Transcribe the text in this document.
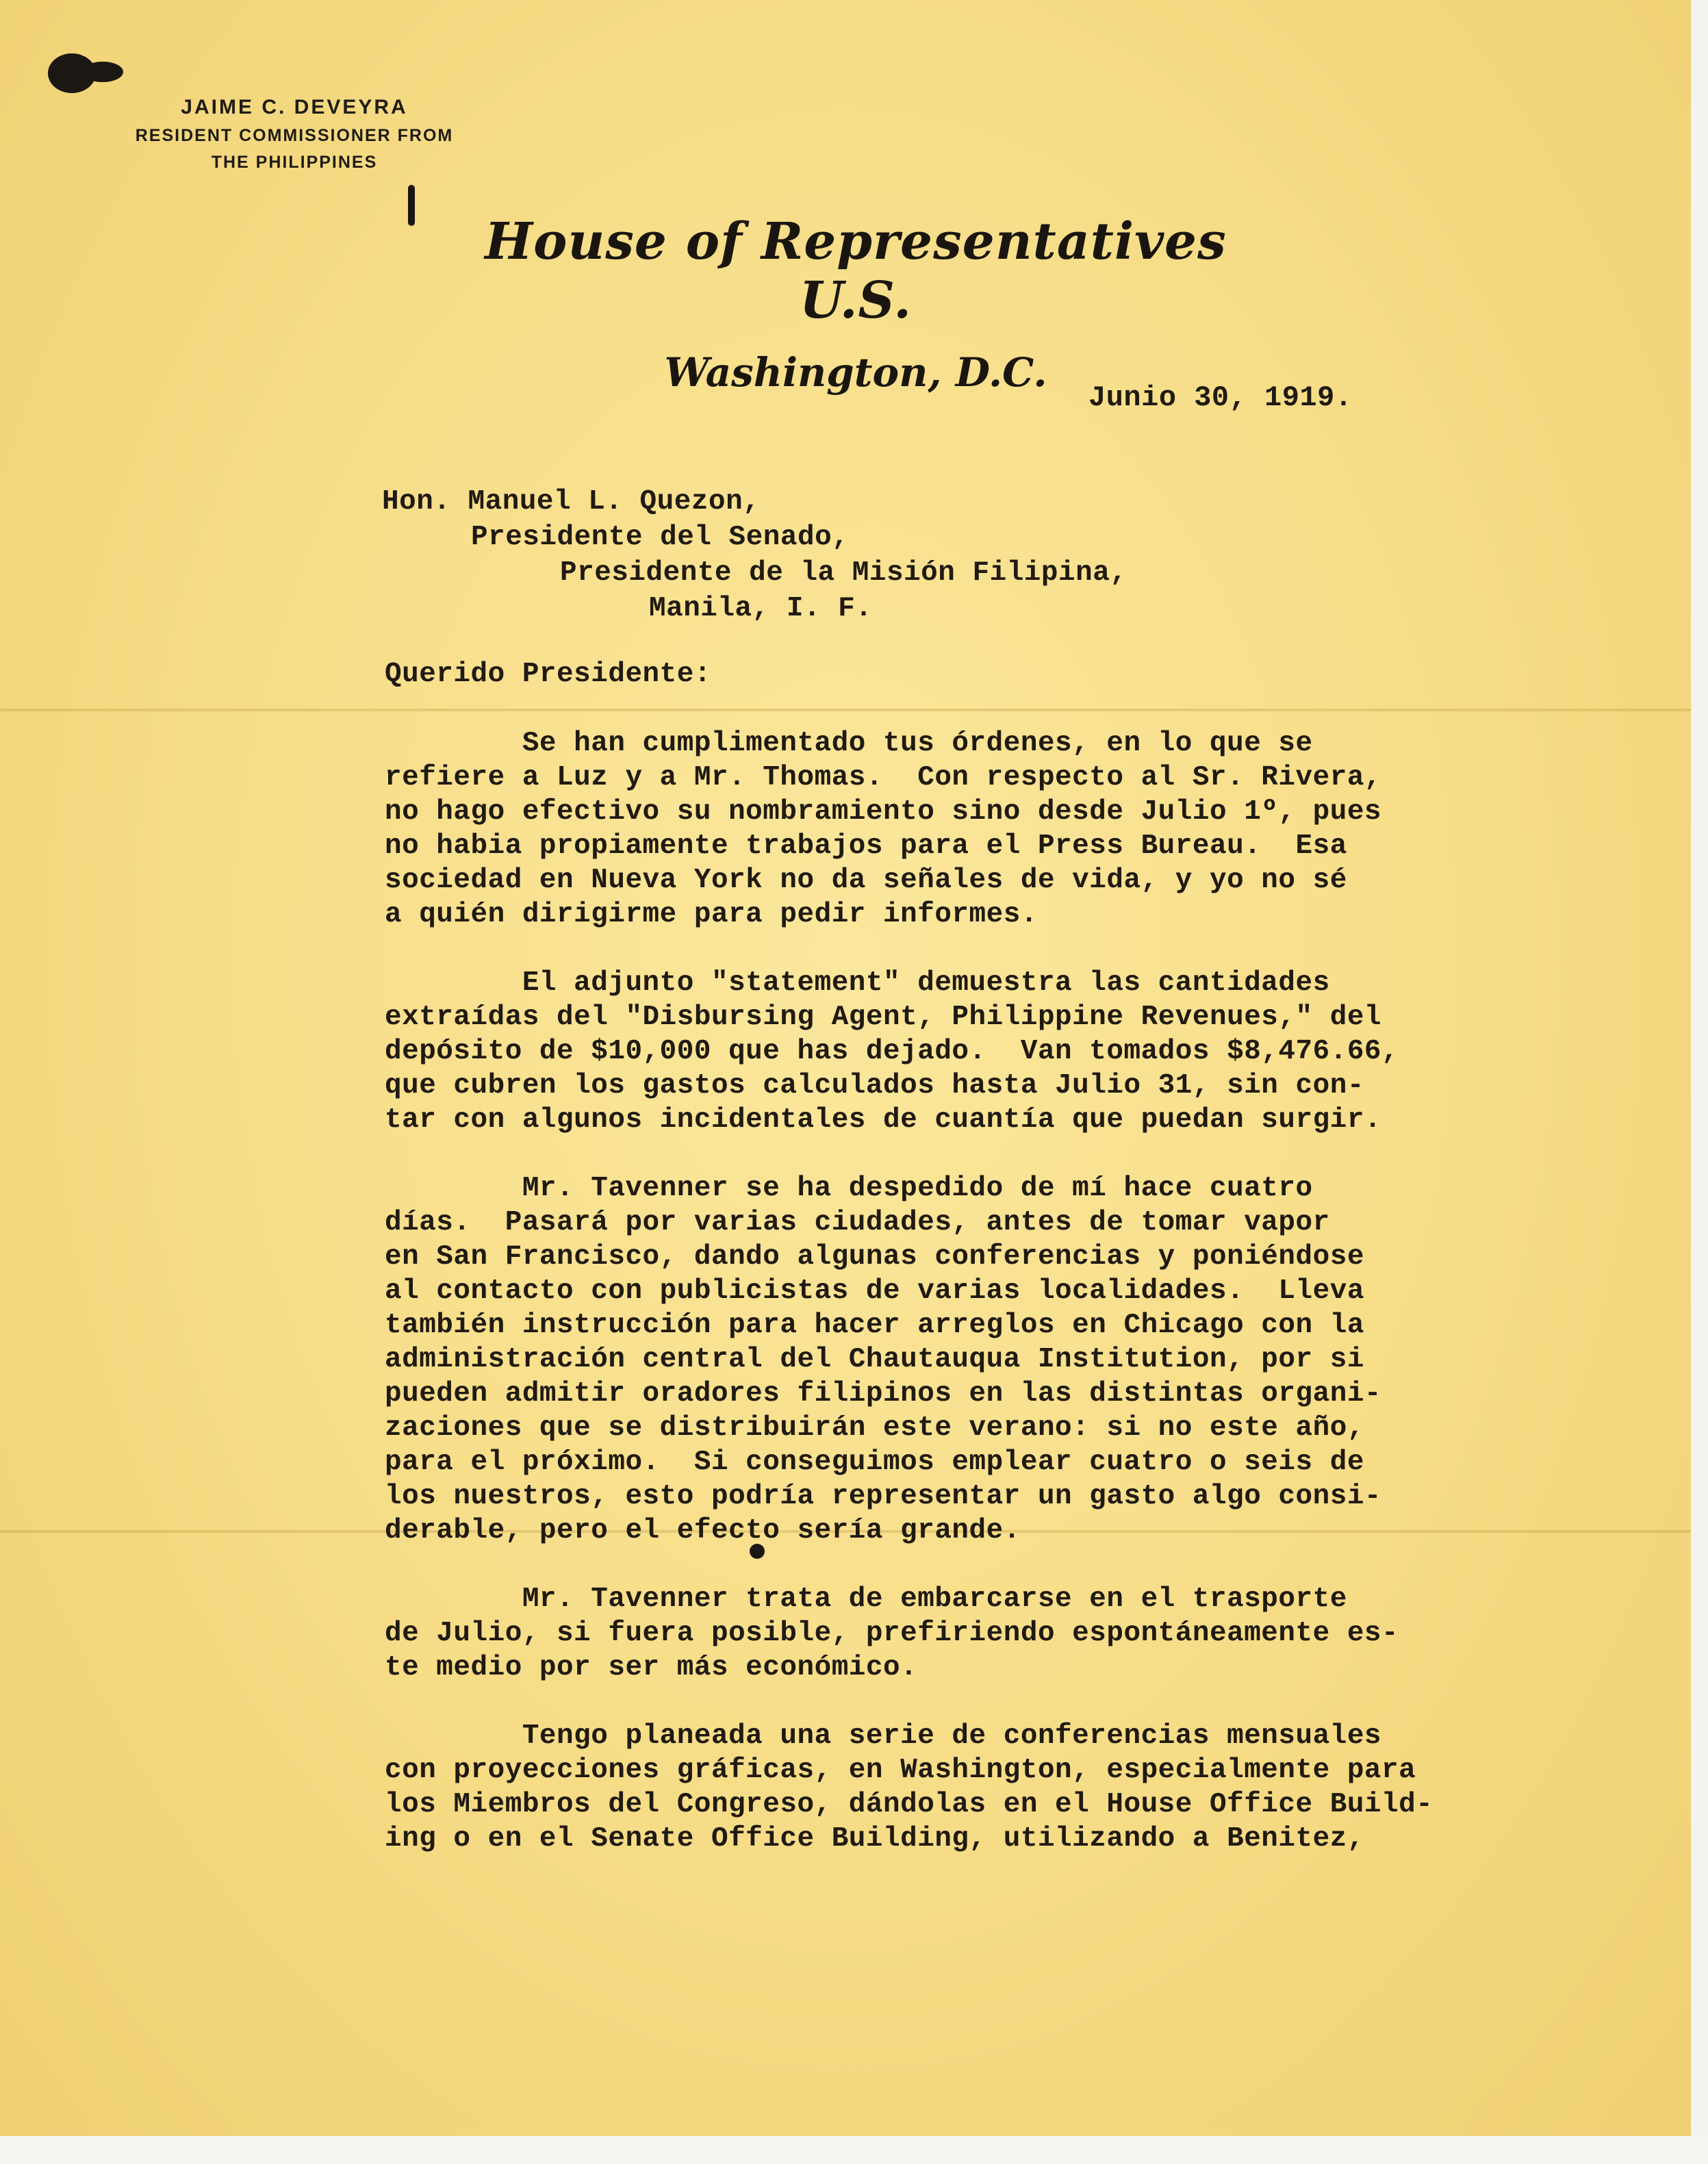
JAIME C. DEVEYRA
RESIDENT COMMISSIONER FROM
THE PHILIPPINES
House of Representatives U.S.
Washington, D.C.
Junio 30, 1919.
Hon. Manuel L. Quezon,
Presidente del Senado,
Presidente de la Misión Filipina,
Manila, I. F.
Querido Presidente:
Se han cumplimentado tus órdenes, en lo que se
refiere a Luz y a Mr. Thomas.  Con respecto al Sr. Rivera,
no hago efectivo su nombramiento sino desde Julio 1º, pues
no habia propiamente trabajos para el Press Bureau.  Esa
sociedad en Nueva York no da señales de vida, y yo no sé
a quién dirigirme para pedir informes.
El adjunto "statement" demuestra las cantidades
extraídas del "Disbursing Agent, Philippine Revenues," del
depósito de $10,000 que has dejado.  Van tomados $8,476.66,
que cubren los gastos calculados hasta Julio 31, sin con-
tar con algunos incidentales de cuantía que puedan surgir.
Mr. Tavenner se ha despedido de mí hace cuatro
días.  Pasará por varias ciudades, antes de tomar vapor
en San Francisco, dando algunas conferencias y poniéndose
al contacto con publicistas de varias localidades.  Lleva
también instrucción para hacer arreglos en Chicago con la
administración central del Chautauqua Institution, por si
pueden admitir oradores filipinos en las distintas organi-
zaciones que se distribuirán este verano: si no este año,
para el próximo.  Si conseguimos emplear cuatro o seis de
los nuestros, esto podría representar un gasto algo consi-
derable, pero el efecto sería grande.
Mr. Tavenner trata de embarcarse en el trasporte
de Julio, si fuera posible, prefiriendo espontáneamente es-
te medio por ser más económico.
Tengo planeada una serie de conferencias mensuales
con proyecciones gráficas, en Washington, especialmente para
los Miembros del Congreso, dándolas en el House Office Build-
ing o en el Senate Office Building, utilizando a Benitez,
